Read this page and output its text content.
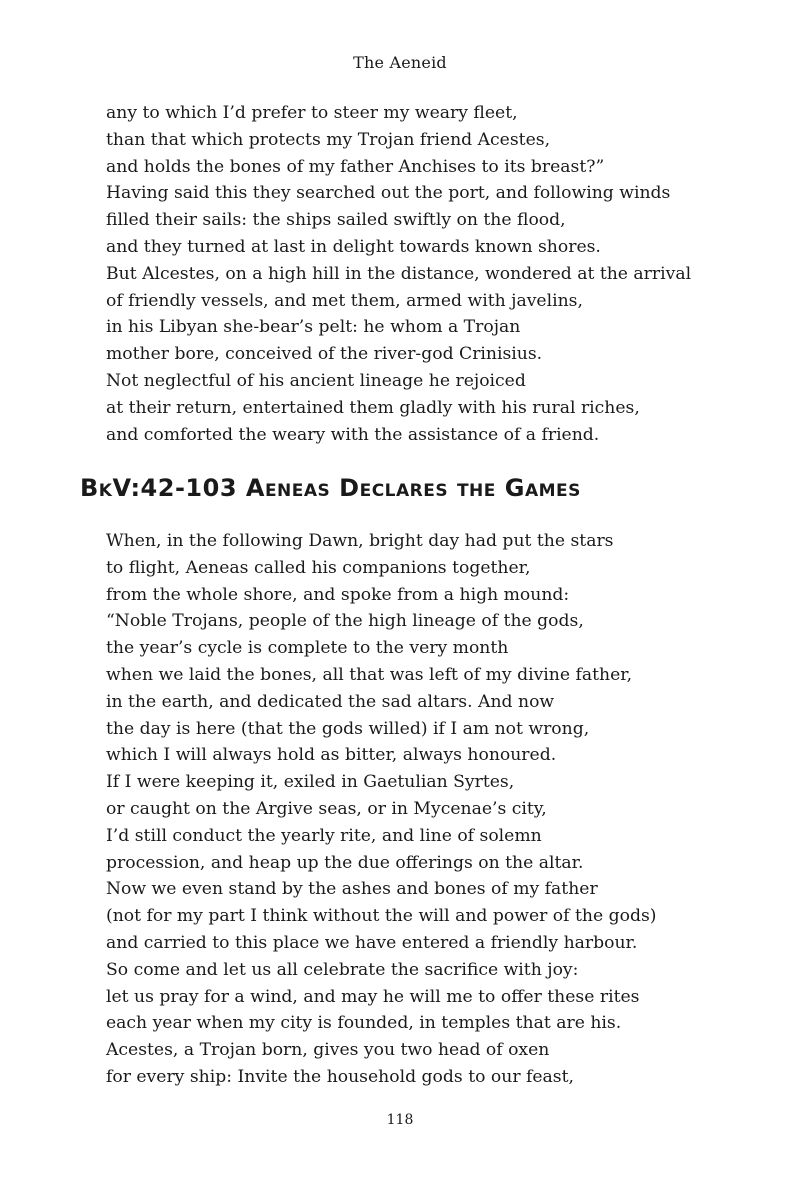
The Aeneid
any to which I’d prefer to steer my weary fleet,
than that which protects my Trojan friend Acestes,
and holds the bones of my father Anchises to its breast?”
Having said this they searched out the port, and following winds
filled their sails: the ships sailed swiftly on the flood,
and they turned at last in delight towards known shores.
But Alcestes, on a high hill in the distance, wondered at the arrival
of friendly vessels, and met them, armed with javelins,
in his Libyan she-bear’s pelt: he whom a Trojan
mother bore, conceived of the river-god Crinisius.
Not neglectful of his ancient lineage he rejoiced
at their return, entertained them gladly with his rural riches,
and comforted the weary with the assistance of a friend.
BkV:42-103 Aeneas Declares the Games
When, in the following Dawn, bright day had put the stars
to flight, Aeneas called his companions together,
from the whole shore, and spoke from a high mound:
“Noble Trojans, people of the high lineage of the gods,
the year’s cycle is complete to the very month
when we laid the bones, all that was left of my divine father,
in the earth, and dedicated the sad altars. And now
the day is here (that the gods willed) if I am not wrong,
which I will always hold as bitter, always honoured.
If I were keeping it, exiled in Gaetulian Syrtes,
or caught on the Argive seas, or in Mycenae’s city,
I’d still conduct the yearly rite, and line of solemn
procession, and heap up the due offerings on the altar.
Now we even stand by the ashes and bones of my father
(not for my part I think without the will and power of the gods)
and carried to this place we have entered a friendly harbour.
So come and let us all celebrate the sacrifice with joy:
let us pray for a wind, and may he will me to offer these rites
each year when my city is founded, in temples that are his.
Acestes, a Trojan born, gives you two head of oxen
for every ship: Invite the household gods to our feast,
118
